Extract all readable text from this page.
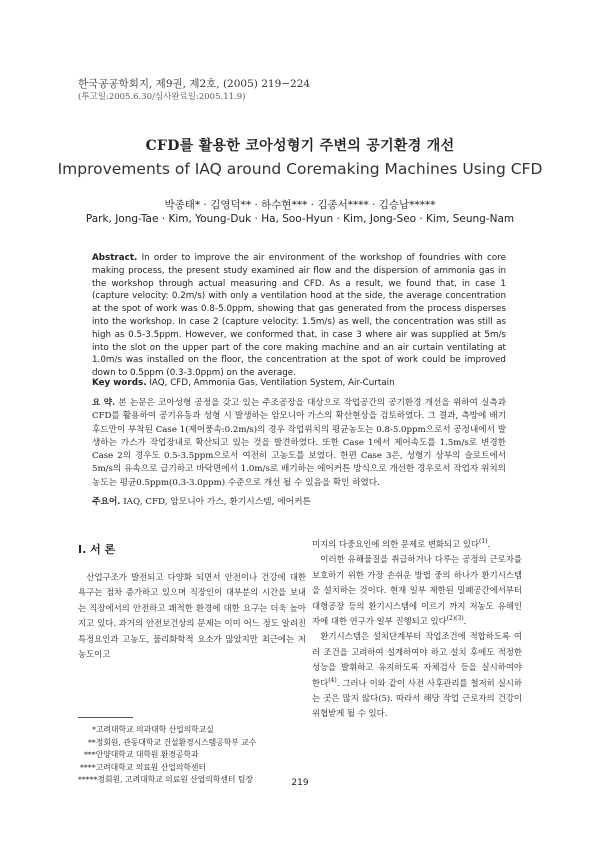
한국공공학회지, 제9권, 제2호, (2005) 219−224
(투고일:2005.6.30/심사완료일:2005.11.9)
CFD를 활용한 코아성형기 주변의 공기환경 개선
Improvements of IAQ around Coremaking Machines Using CFD
박종태* · 김영덕** · 하수현*** · 김종서**** · 김승남*****
Park, Jong-Tae · Kim, Young-Duk · Ha, Soo-Hyun · Kim, Jong-Seo · Kim, Seung-Nam
Abstract. In order to improve the air environment of the workshop of foundries with core making process, the present study examined air flow and the dispersion of ammonia gas in the workshop through actual measuring and CFD. As a result, we found that, in case 1 (capture velocity: 0.2m/s) with only a ventilation hood at the side, the average concentration at the spot of work was 0.8-5.0ppm, showing that gas generated from the process disperses into the workshop. In case 2 (capture velocity: 1.5m/s) as well, the concentration was still as high as 0.5-3.5ppm. However, we conformed that, in case 3 where air was supplied at 5m/s into the slot on the upper part of the core making machine and an air curtain ventilating at 1.0m/s was installed on the floor, the concentration at the spot of work could be improved down to 0.5ppm (0.3-3.0ppm) on the average.
Key words. IAQ, CFD, Ammonia Gas, Ventilation System, Air-Curtain
요 약. 본 논문은 코아성형 공정을 갖고 있는 주조공장을 대상으로 작업공간의 공기환경 개선을 위하여 실측과 CFD를 활용하여 공기유동과 성형 시 발생하는 암모니아 가스의 확산현상을 검토하였다. 그 결과, 측방에 배기후드만이 부착된 Case 1(제어풍속:0.2m/s)의 경우 작업위치의 평균농도는 0.8-5.0ppm으로서 공정내에서 발생하는 가스가 작업장내로 확산되고 있는 것을 발견하였다. 또한 Case 1에서 제어속도를 1.5m/s로 변경한 Case 2의 경우도 0.5-3.5ppm으로서 여전히 고농도를 보였다. 한편 Case 3은, 성형기 상부의 슬로트에서 5m/s의 유속으로 급기하고 바닥면에서 1.0m/s로 배기하는 에어커튼 방식으로 개선한 경우로서 작업자 위치의 농도는 평균0.5ppm(0.3-3.0ppm) 수준으로 개선 될 수 있음을 확인 하였다.
주요어. IAQ, CFD, 암모니아 가스, 환기시스템, 에어커튼
I. 서 론

산업구조가 발전되고 다양화 되면서 안전이나 건강에 대한 욕구는 점차 증가하고 있으며 직장인이 대부분의 시간을 보내는 직장에서의 안전하고 쾌적한 환경에 대한 요구는 더욱 높아지고 있다. 과거의 안전보건상의 문제는 이미 어느 정도 알려진 특정요인과 고농도, 물리화학적 요소가 많았지만 최근에는 저농도이고

미지의 다중요인에 의한 문제로 변화되고 있다$^{(1)}$.

이러한 유해물질을 취급하거나 다루는 공정의 근로자를 보호하기 위한 가장 손쉬운 방법 중의 하나가 환기시스템을 설치하는 것이다. 현재 일부 제한된 밀폐공간에서부터 대형공장 등의 환기시스템에 이르기 까지 저농도 유해인자에 대한 연구가 일부 진행되고 있다$^{(2)(3)}$.

환기시스템은 설치단계부터 작업조건에 적합하도록 여러 조건을 고려하여 설계하여야 하고 설치 후에도 적정한 성능을 발휘하고 유지하도록 자체검사 등을 실시하여야 한다$^{(4)}$. 그러나 이와 같이 사전 사후관리를 철저히 실시하는 곳은 많지 않다(5). 따라서 해당 작업 근로자의 건강이 위협받게 될 수 있다.

*고려대학교 의과대학 산업의학교실
**정회원, 관동대학교 건설환경시스템공학부 교수
***안양대학교 대학원 환경공학과
****고려대학교 의료원 산업의학센터
*****정회원, 고려대학교 의료원 산업의학센터 팀장	219
